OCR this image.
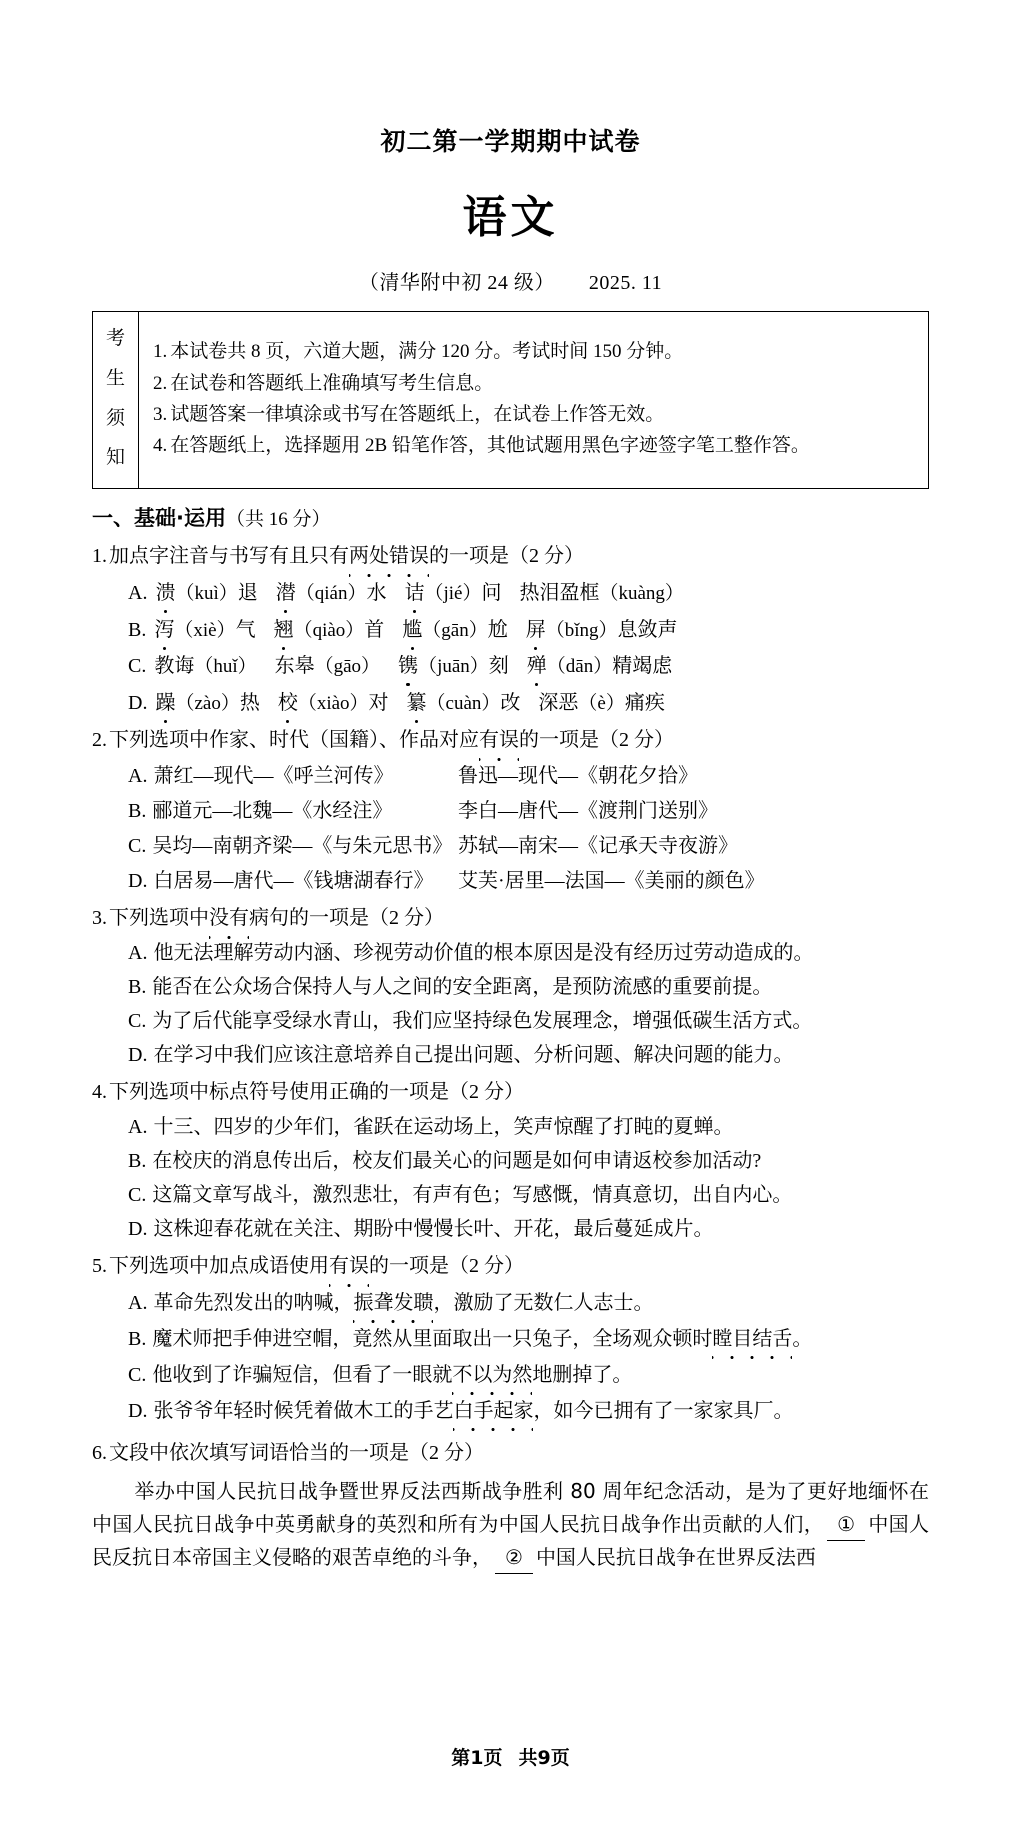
初二第一学期期中试卷
语文
（清华附中初 24 级） 2025. 11
考
生
须
知
1. 本试卷共 8 页，六道大题，满分 120 分。考试时间 150 分钟。
2. 在试卷和答题纸上准确填写考生信息。
3. 试题答案一律填涂或书写在答题纸上，在试卷上作答无效。
4. 在答题纸上，选择题用 2B 铅笔作答，其他试题用黑色字迹签字笔工整作答。
一、基础·运用（共 16 分）
1. 加点字注音与书写有且只有两处错误的一项是（2 分）
A. 溃（kuì）退 潜（qián）水 诘（jié）问 热泪盈框（kuàng）
B. 泻（xiè）气 翘（qiào）首 尴（gān）尬 屏（bǐng）息敛声
C. 教诲（huǐ） 东皋（gāo） 镌（juān）刻 殚（dān）精竭虑
D. 躁（zào）热 校（xiào）对 纂（cuàn）改 深恶（è）痛疾
2. 下列选项中作家、时代（国籍）、作品对应有误的一项是（2 分）
A. 萧红—现代—《呼兰河传》	鲁迅—现代—《朝花夕拾》
B. 郦道元—北魏—《水经注》	李白—唐代—《渡荆门送别》
C. 吴均—南朝齐梁—《与朱元思书》 苏轼—南宋—《记承天寺夜游》
D. 白居易—唐代—《钱塘湖春行》	艾芙·居里—法国—《美丽的颜色》
3. 下列选项中没有病句的一项是（2 分）
A. 他无法理解劳动内涵、珍视劳动价值的根本原因是没有经历过劳动造成的。
B. 能否在公众场合保持人与人之间的安全距离，是预防流感的重要前提。
C. 为了后代能享受绿水青山，我们应坚持绿色发展理念，增强低碳生活方式。
D. 在学习中我们应该注意培养自己提出问题、分析问题、解决问题的能力。
4. 下列选项中标点符号使用正确的一项是（2 分）
A. 十三、四岁的少年们，雀跃在运动场上，笑声惊醒了打盹的夏蝉。
B. 在校庆的消息传出后，校友们最关心的问题是如何申请返校参加活动?
C. 这篇文章写战斗，激烈悲壮，有声有色；写感慨，情真意切，出自内心。
D. 这株迎春花就在关注、期盼中慢慢长叶、开花，最后蔓延成片。
5. 下列选项中加点成语使用有误的一项是（2 分）
A. 革命先烈发出的呐喊，振聋发聩，激励了无数仁人志士。
B. 魔术师把手伸进空帽，竟然从里面取出一只兔子，全场观众顿时瞠目结舌。
C. 他收到了诈骗短信，但看了一眼就不以为然地删掉了。
D. 张爷爷年轻时候凭着做木工的手艺白手起家，如今已拥有了一家家具厂。
6. 文段中依次填写词语恰当的一项是（2 分）
举办中国人民抗日战争暨世界反法西斯战争胜利 80 周年纪念活动，是为了更好地缅怀在中国人民抗日战争中英勇献身的英烈和所有为中国人民抗日战争作出贡献的人们， ① 中国人民反抗日本帝国主义侵略的艰苦卓绝的斗争， ② 中国人民抗日战争在世界反法西
第1页 共9页
